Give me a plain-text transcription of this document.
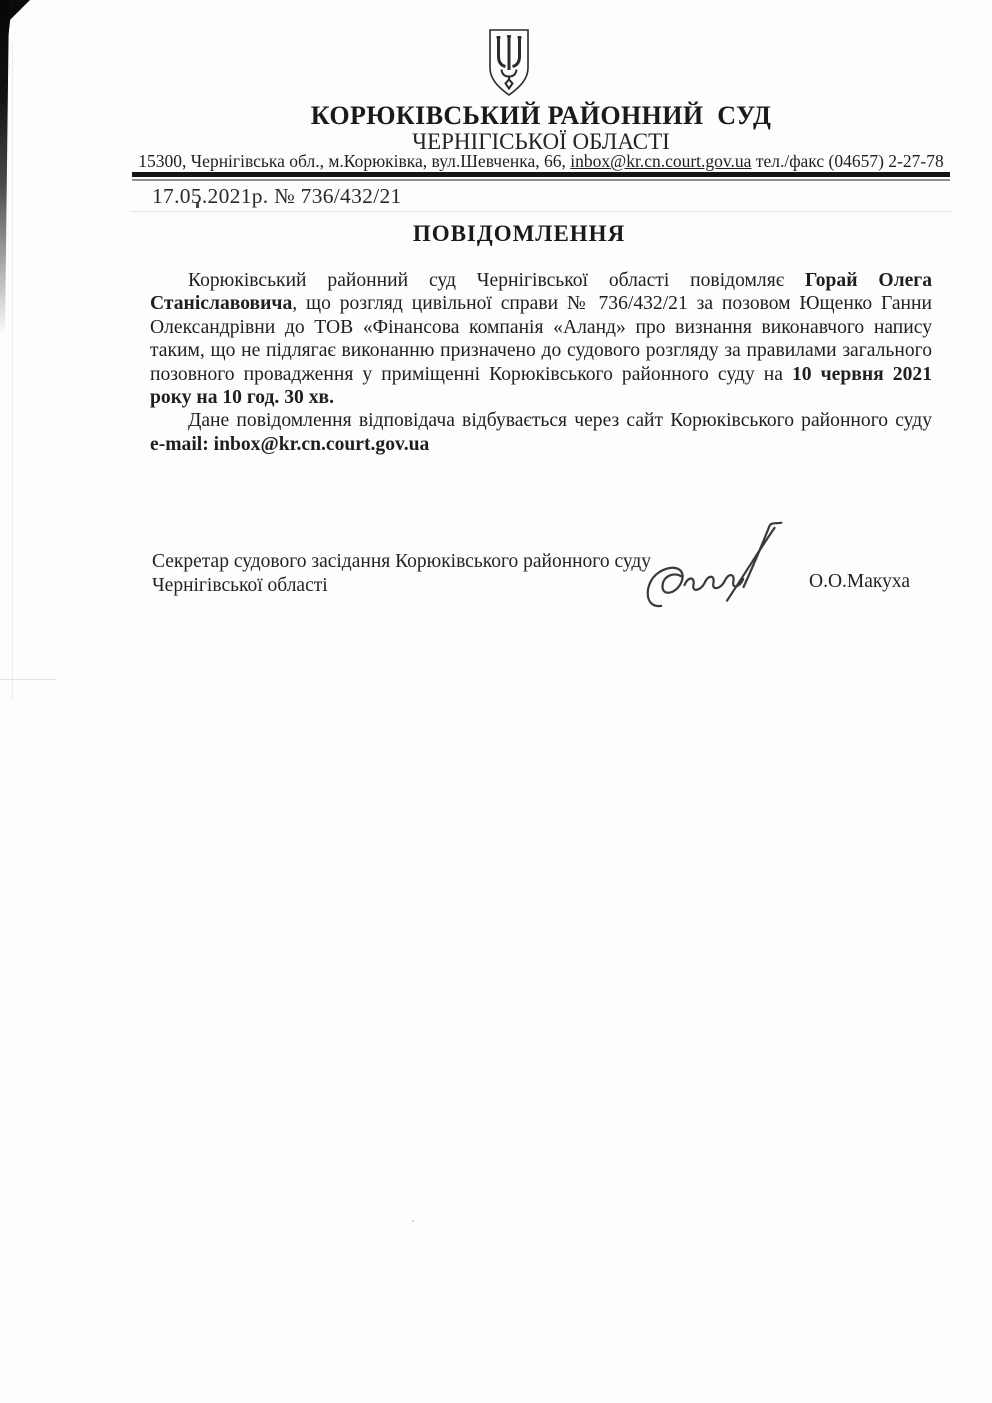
КОРЮКІВСЬКИЙ РАЙОННИЙ  СУД
ЧЕРНІГІСЬКОЇ ОБЛАСТІ
15300, Чернігівська обл., м.Корюківка, вул.Шевченка, 66, inbox@kr.cn.court.gov.ua тел./факс (04657) 2-27-78
17.05.2021р. № 736/432/21
ПОВІДОМЛЕННЯ

Корюківський районний суд Чернігівської області повідомляє Горай Олега Станіславовича, що розгляд цивільної справи № 736/432/21 за позовом Ющенко Ганни Олександрівни до ТОВ «Фінансова компанія «Аланд» про визнання виконавчого напису таким, що не підлягає виконанню призначено до судового розгляду за правилами загального позовного провадження у приміщенні Корюківського районного суду на 10 червня 2021 року на 10 год. 30 хв.

Дане повідомлення відповідача відбувається через сайт Корюківського районного суду e-mail: inbox@kr.cn.court.gov.ua

Секретар судового засідання Корюківського районного суду
Чернігівської області	О.О.Макуха
